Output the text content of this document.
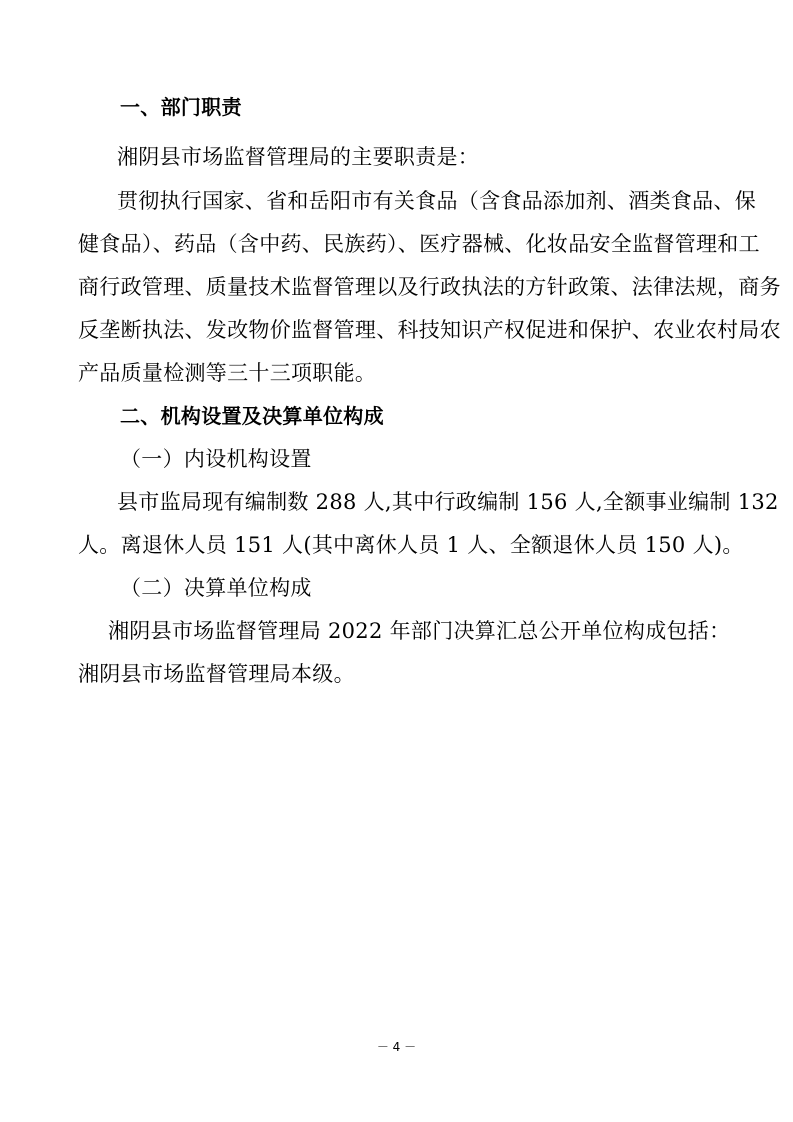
一、部门职责
湘阴县市场监督管理局的主要职责是：
贯彻执行国家、省和岳阳市有关食品（含食品添加剂、酒类食品、保
健食品）、药品（含中药、民族药）、医疗器械、化妆品安全监督管理和工
商行政管理、质量技术监督管理以及行政执法的方针政策、法律法规，商务
反垄断执法、发改物价监督管理、科技知识产权促进和保护、农业农村局农
产品质量检测等三十三项职能。
二、机构设置及决算单位构成
（一）内设机构设置
县市监局现有编制数 288 人,其中行政编制 156 人,全额事业编制 132
人。离退休人员 151 人(其中离休人员 1 人、全额退休人员 150 人)。
（二）决算单位构成
湘阴县市场监督管理局 2022 年部门决算汇总公开单位构成包括：
湘阴县市场监督管理局本级。
－ 4 －
